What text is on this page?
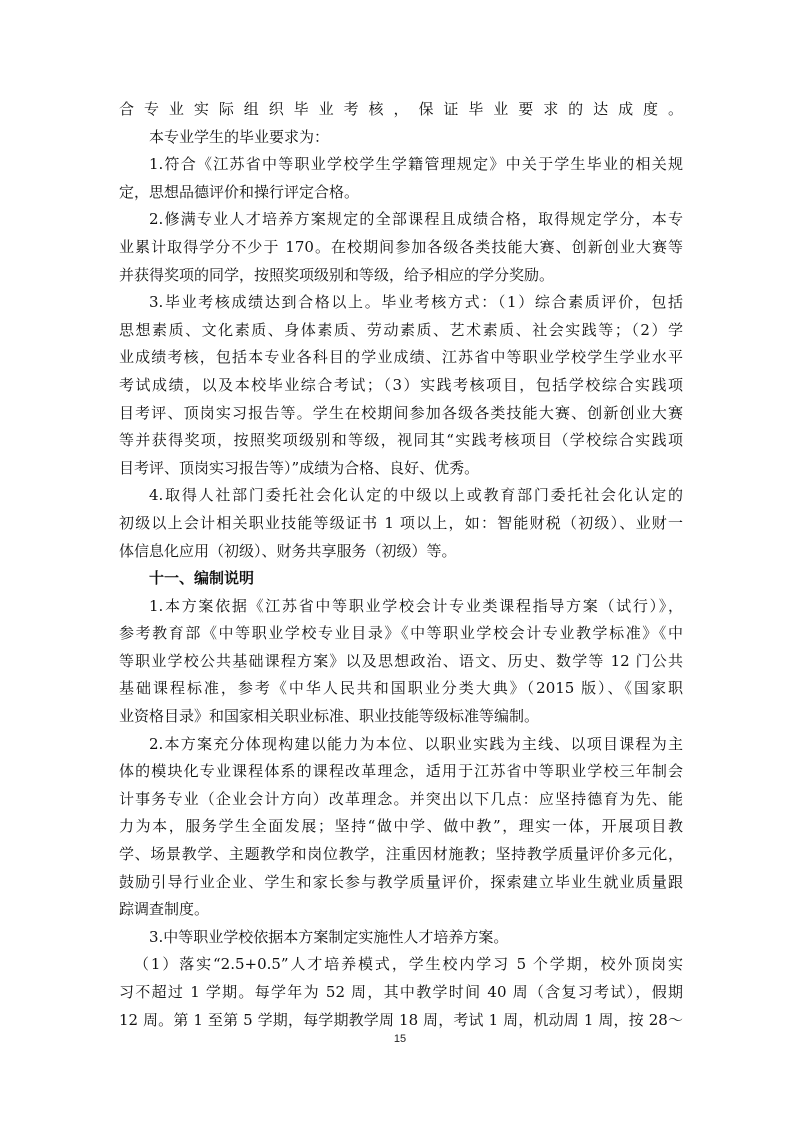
合专业实际组织毕业考核，保证毕业要求的达成度。
本专业学生的毕业要求为：
1.符合《江苏省中等职业学校学生学籍管理规定》中关于学生毕业的相关规
定，思想品德评价和操行评定合格。
2.修满专业人才培养方案规定的全部课程且成绩合格，取得规定学分，本专
业累计取得学分不少于 170。在校期间参加各级各类技能大赛、创新创业大赛等
并获得奖项的同学，按照奖项级别和等级，给予相应的学分奖励。
3.毕业考核成绩达到合格以上。毕业考核方式：（1）综合素质评价，包括
思想素质、文化素质、身体素质、劳动素质、艺术素质、社会实践等；（2）学
业成绩考核，包括本专业各科目的学业成绩、江苏省中等职业学校学生学业水平
考试成绩，以及本校毕业综合考试；（3）实践考核项目，包括学校综合实践项
目考评、顶岗实习报告等。学生在校期间参加各级各类技能大赛、创新创业大赛
等并获得奖项，按照奖项级别和等级，视同其“实践考核项目（学校综合实践项
目考评、顶岗实习报告等）”成绩为合格、良好、优秀。
4.取得人社部门委托社会化认定的中级以上或教育部门委托社会化认定的
初级以上会计相关职业技能等级证书 1 项以上，如：智能财税（初级）、业财一
体信息化应用（初级）、财务共享服务（初级）等。
十一、编制说明
1.本方案依据《江苏省中等职业学校会计专业类课程指导方案（试行）》，
参考教育部《中等职业学校专业目录》《中等职业学校会计专业教学标准》《中
等职业学校公共基础课程方案》以及思想政治、语文、历史、数学等 12 门公共
基础课程标准，参考《中华人民共和国职业分类大典》（2015 版）、《国家职
业资格目录》和国家相关职业标准、职业技能等级标准等编制。
2.本方案充分体现构建以能力为本位、以职业实践为主线、以项目课程为主
体的模块化专业课程体系的课程改革理念，适用于江苏省中等职业学校三年制会
计事务专业（企业会计方向）改革理念。并突出以下几点：应坚持德育为先、能
力为本，服务学生全面发展；坚持“做中学、做中教”，理实一体，开展项目教
学、场景教学、主题教学和岗位教学，注重因材施教；坚持教学质量评价多元化，
鼓励引导行业企业、学生和家长参与教学质量评价，探索建立毕业生就业质量跟
踪调查制度。
3.中等职业学校依据本方案制定实施性人才培养方案。
（1）落实“2.5+0.5”人才培养模式，学生校内学习 5 个学期，校外顶岗实
习不超过 1 学期。每学年为 52 周，其中教学时间 40 周（含复习考试），假期
12 周。第 1 至第 5 学期，每学期教学周 18 周，考试 1 周，机动周 1 周，按 28～
15
